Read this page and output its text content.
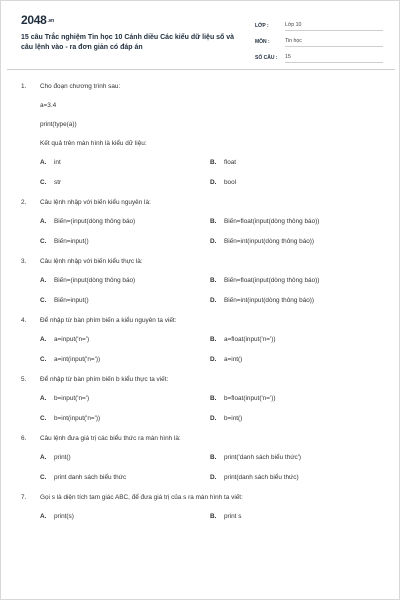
2048.vn
15 câu Trắc nghiệm Tin học 10 Cánh diều Các kiểu dữ liệu số và câu lệnh vào - ra đơn giản có đáp án
LỚP :	Lớp 10
MÔN :	Tin học
SỐ CÂU :	15
1.	Cho đoạn chương trình sau:
a=3.4
print(type(a))
Kết quả trên màn hình là kiểu dữ liệu:
A.	int	B.	float
C.	str	D.	bool
2.	Câu lệnh nhập với biến kiểu nguyên là:
A.	Biến=(input(dòng thông báo)	B.	Biến=float(input(dòng thông báo))
C.	Biến=input()	D.	Biến=int(input(dòng thông báo))
3.	Câu lệnh nhập với biến kiểu thực là:
A.	Biến=(input(dòng thông báo)	B.	Biến=float(input(dòng thông báo))
C.	Biến=input()	D.	Biến=int(input(dòng thông báo))
4.	Để nhập từ bàn phím biến a kiểu nguyên ta viết:
A.	a=input('n=')	B.	a=float(input('n='))
C.	a=int(input('n='))	D.	a=int()
5.	Để nhập từ bàn phím biến b kiểu thực ta viết:
A.	b=input('n=')	B.	b=float(input('n='))
C.	b=int(input('n='))	D.	b=int()
6.	Câu lệnh đưa giá trị các biểu thức ra màn hình là:
A.	print()	B.	print('danh sách biểu thức')
C.	print danh sách biểu thức	D.	print(danh sách biểu thức)
7.	Gọi s là diện tích tam giác ABC, để đưa giá trị của s ra màn hình ta viết:
A.	print(s)	B.	print s
